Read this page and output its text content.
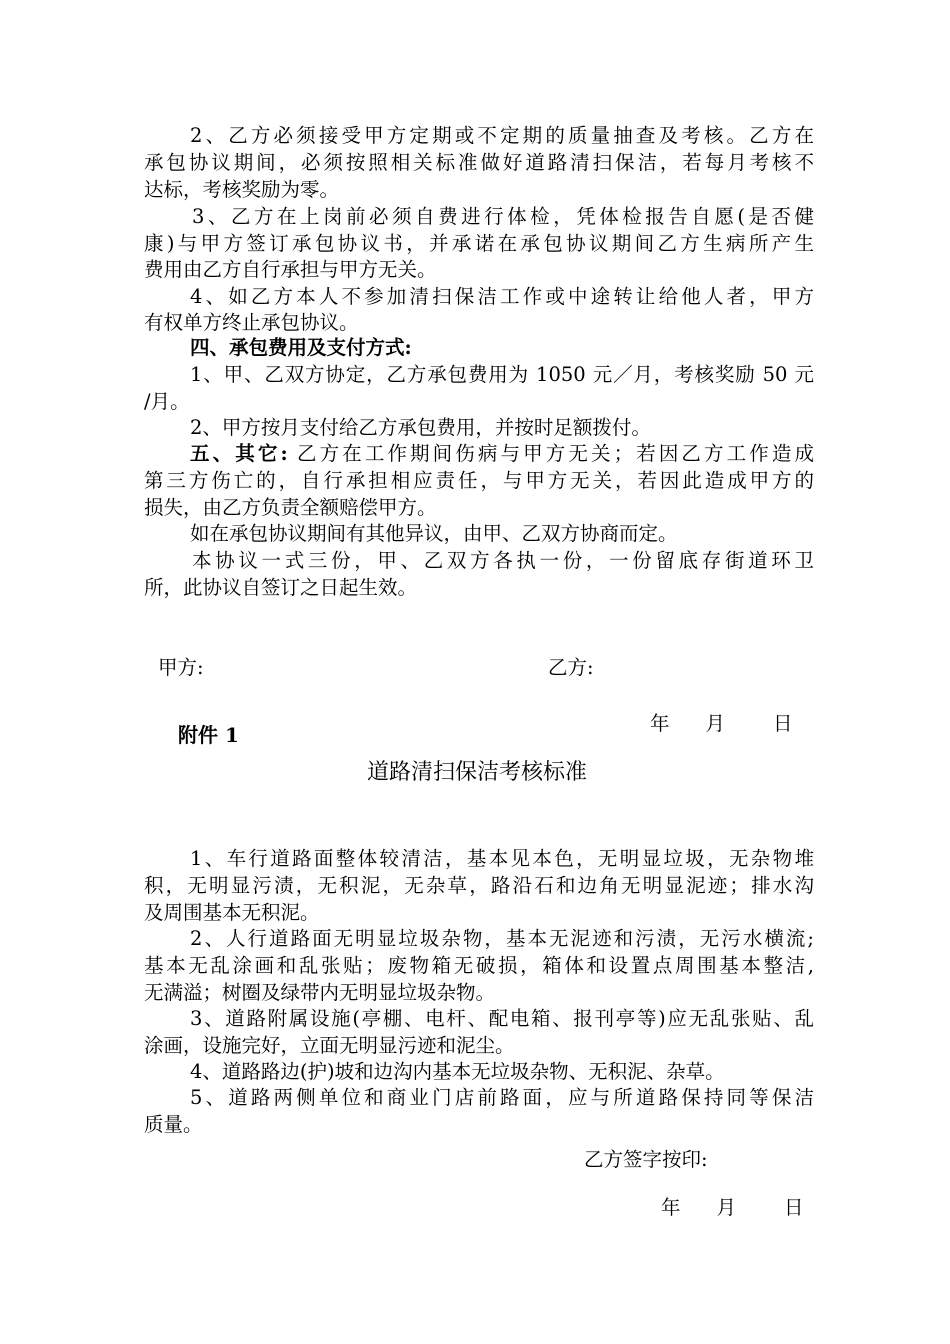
2、乙方必须接受甲方定期或不定期的质量抽查及考核。乙方在
承包协议期间，必须按照相关标准做好道路清扫保洁，若每月考核不
达标，考核奖励为零。
3、乙方在上岗前必须自费进行体检，凭体检报告自愿(是否健
康)与甲方签订承包协议书，并承诺在承包协议期间乙方生病所产生
费用由乙方自行承担与甲方无关。
4、如乙方本人不参加清扫保洁工作或中途转让给他人者，甲方
有权单方终止承包协议。
四、承包费用及支付方式:
1、甲、乙双方协定，乙方承包费用为 1050 元／月，考核奖励 50 元
/月。
2、甲方按月支付给乙方承包费用，并按时足额拨付。
五、其它: 乙方在工作期间伤病与甲方无关；若因乙方工作造成
第三方伤亡的，自行承担相应责任，与甲方无关，若因此造成甲方的
损失，由乙方负责全额赔偿甲方。
如在承包协议期间有其他异议，由甲、乙双方协商而定。
本协议一式三份，甲、乙双方各执一份，一份留底存街道环卫
所，此协议自签订之日起生效。
甲方:	乙方:
年 月 日
附件 1
道路清扫保洁考核标准
1、车行道路面整体较清洁，基本见本色，无明显垃圾，无杂物堆
积，无明显污渍，无积泥，无杂草，路沿石和边角无明显泥迹；排水沟
及周围基本无积泥。
2、人行道路面无明显垃圾杂物，基本无泥迹和污渍，无污水横流;
基本无乱涂画和乱张贴；废物箱无破损，箱体和设置点周围基本整洁,
无满溢；树圈及绿带内无明显垃圾杂物。
3、道路附属设施(亭棚、电杆、配电箱、报刊亭等)应无乱张贴、乱
涂画，设施完好，立面无明显污迹和泥尘。
4、道路路边(护)坡和边沟内基本无垃圾杂物、无积泥、杂草。
5、道路两侧单位和商业门店前路面，应与所道路保持同等保洁
质量。
乙方签字按印:
年 月 日
